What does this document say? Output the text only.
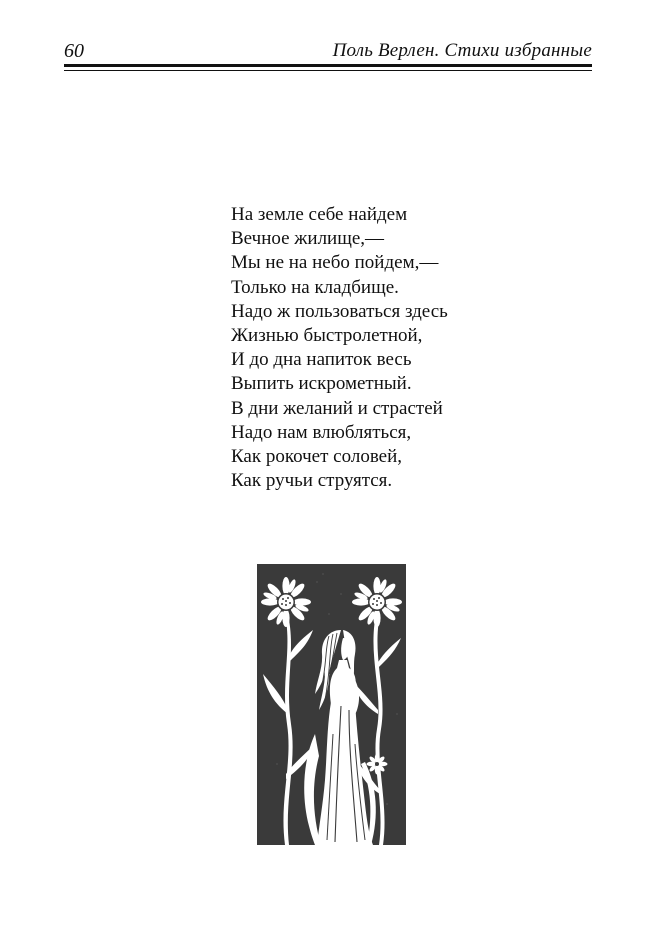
60	Поль Верлен. Стихи избранные
На земле себе найдем
Вечное жилище,—
Мы не на небо пойдем,—
Только на кладбище.
Надо ж пользоваться здесь
Жизнью быстролетной,
И до дна напиток весь
Выпить искрометный.
В дни желаний и страстей
Надо нам влюбляться,
Как рокочет соловей,
Как ручьи струятся.
